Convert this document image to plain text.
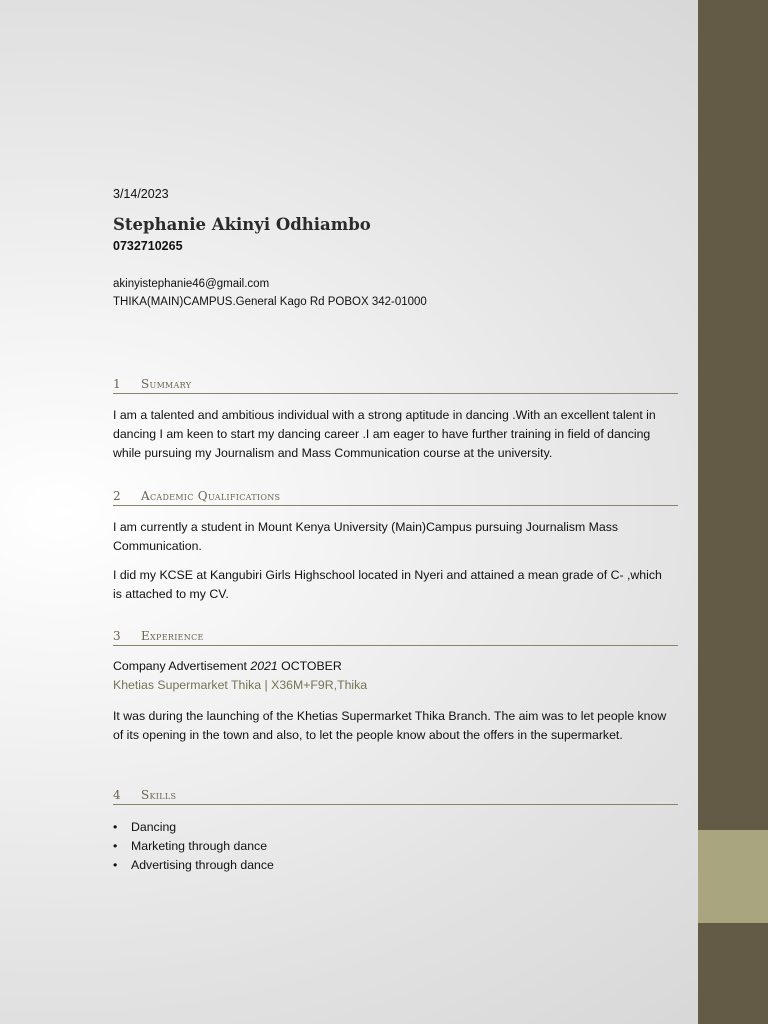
3/14/2023
Stephanie Akinyi Odhiambo
0732710265
akinyistephanie46@gmail.com
THIKA(MAIN)CAMPUS.General Kago Rd POBOX 342-01000
1 Summary
I am a talented and ambitious individual with a strong aptitude in dancing .With an excellent talent in dancing I am keen to start my dancing career .I am eager to have further training in field of dancing while pursuing my Journalism and Mass Communication course at the university.
2 Academic Qualifications
I am currently a student in Mount Kenya University (Main)Campus pursuing Journalism Mass Communication.
I did my KCSE at Kangubiri Girls Highschool located in Nyeri and attained a mean grade of C- ,which is attached to my CV.
3 Experience
Company Advertisement 2021 OCTOBER
Khetias Supermarket Thika | X36M+F9R,Thika
It was during the launching of the Khetias Supermarket Thika Branch. The aim was to let people know of its opening in the town and also, to let the people know about the offers in the supermarket.
4 Skills
• Dancing
• Marketing through dance
• Advertising through dance
